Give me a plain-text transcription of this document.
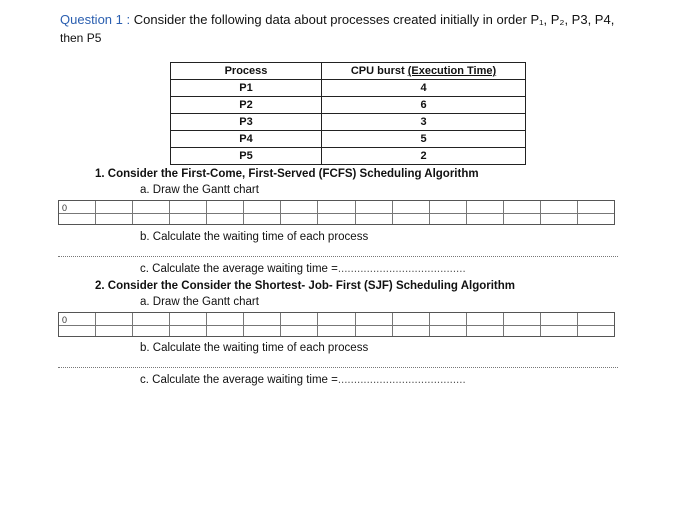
Question 1 : Consider the following data about processes created initially in order P₁, P₂, P3, P4,
then P5
Process	CPU burst (Execution Time)
P1	4
P2	6
P3	3
P4	5
P5	2
1. Consider the First-Come, First-Served (FCFS) Scheduling Algorithm
a. Draw the Gantt chart
0
b. Calculate the waiting time of each process
c. Calculate the average waiting time =........................................
2. Consider the Consider the Shortest- Job- First (SJF) Scheduling Algorithm
a. Draw the Gantt chart
0
b. Calculate the waiting time of each process
c. Calculate the average waiting time =........................................
